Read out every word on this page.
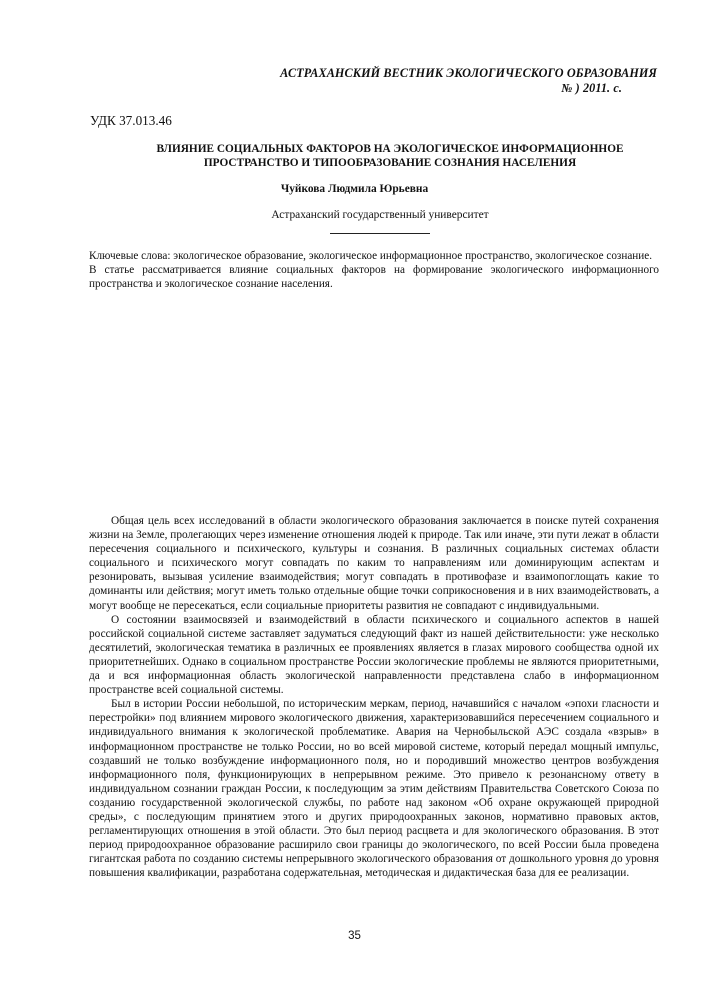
АСТРАХАНСКИЙ ВЕСТНИК ЭКОЛОГИЧЕСКОГО ОБРАЗОВАНИЯ
№ ) 2011. с.
УДК 37.013.46
ВЛИЯНИЕ СОЦИАЛЬНЫХ ФАКТОРОВ НА ЭКОЛОГИЧЕСКОЕ ИНФОРМАЦИОННОЕ
ПРОСТРАНСТВО И ТИПООБРАЗОВАНИЕ СОЗНАНИЯ НАСЕЛЕНИЯ
Чуйкова Людмила Юрьевна
Астраханский государственный университет

Ключевые слова: экологическое образование, экологическое информационное пространство, экологическое сознание.

В статье рассматривается влияние социальных факторов на формирование экологического информационного пространства и экологическое сознание населения.

Общая цель всех исследований в области экологического образования заключается в поиске путей сохранения жизни на Земле, пролегающих через изменение отношения людей к природе. Так или иначе, эти пути лежат в области пересечения социального и психического, культуры и сознания. В различных социальных системах области социального и психического могут совпадать по каким то направлениям или доминирующим аспектам и резонировать, вызывая усиление взаимодействия; могут совпадать в противофазе и взаимопоглощать какие то доминанты или действия; могут иметь только отдельные общие точки соприкосновения и в них взаимодействовать, а могут вообще не пересекаться, если социальные приоритеты развития не совпадают с индивидуальными.

О состоянии взаимосвязей и взаимодействий в области психического и социального аспектов в нашей российской социальной системе заставляет задуматься следующий факт из нашей действительности: уже несколько десятилетий, экологическая тематика в различных ее проявлениях является в глазах мирового сообщества одной их приоритетнейших. Однако в социальном пространстве России экологические проблемы не являются приоритетными, да и вся информационная область экологической направленности представлена слабо в информационном пространстве всей социальной системы.

Был в истории России небольшой, по историческим меркам, период, начавшийся с началом «эпохи гласности и перестройки» под влиянием мирового экологического движения, характеризовавшийся пересечением социального и индивидуального внимания к экологической проблематике. Авария на Чернобыльской АЭС создала «взрыв» в информационном пространстве не только России, но во всей мировой системе, который передал мощный импульс, создавший не только возбуждение информационного поля, но и породивший множество центров возбуждения информационного поля, функционирующих в непрерывном режиме. Это привело к резонансному ответу в индивидуальном сознании граждан России, к последующим за этим действиям Правительства Советского Союза по созданию государственной экологической службы, по работе над законом «Об охране окружающей природной среды», с последующим принятием этого и других природоохранных законов, нормативно правовых актов, регламентирующих отношения в этой области. Это был период расцвета и для экологического образования. В этот период природоохранное образование расширило свои границы до экологического, по всей России была проведена гигантская работа по созданию системы непрерывного экологического образования от дошкольного уровня до уровня повышения квалификации, разработана содержательная, методическая и дидактическая база для ее реализации.

35
